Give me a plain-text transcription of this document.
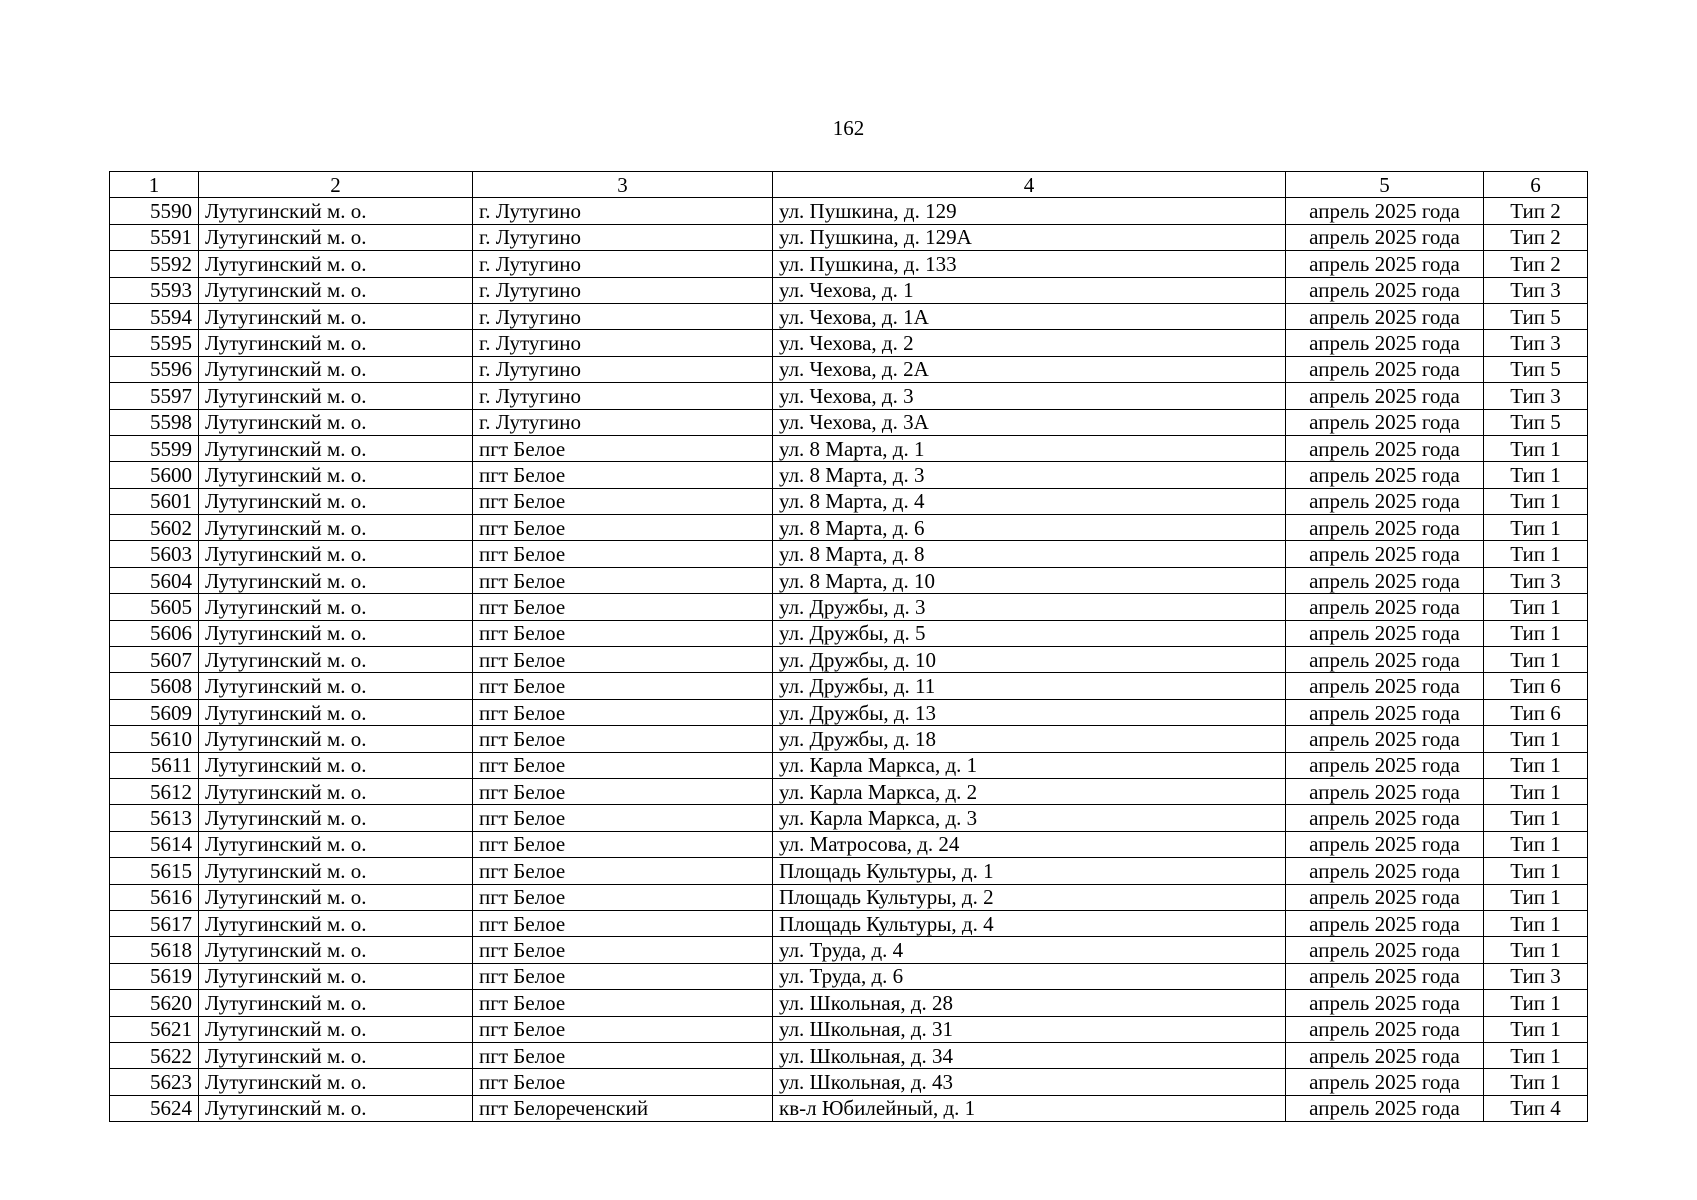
162
1	2	3	4	5	6
5590	Лутугинский м. о.	г. Лутугино	ул. Пушкина, д. 129	апрель 2025 года	Тип 2
5591	Лутугинский м. о.	г. Лутугино	ул. Пушкина, д. 129А	апрель 2025 года	Тип 2
5592	Лутугинский м. о.	г. Лутугино	ул. Пушкина, д. 133	апрель 2025 года	Тип 2
5593	Лутугинский м. о.	г. Лутугино	ул. Чехова, д. 1	апрель 2025 года	Тип 3
5594	Лутугинский м. о.	г. Лутугино	ул. Чехова, д. 1А	апрель 2025 года	Тип 5
5595	Лутугинский м. о.	г. Лутугино	ул. Чехова, д. 2	апрель 2025 года	Тип 3
5596	Лутугинский м. о.	г. Лутугино	ул. Чехова, д. 2А	апрель 2025 года	Тип 5
5597	Лутугинский м. о.	г. Лутугино	ул. Чехова, д. 3	апрель 2025 года	Тип 3
5598	Лутугинский м. о.	г. Лутугино	ул. Чехова, д. 3А	апрель 2025 года	Тип 5
5599	Лутугинский м. о.	пгт Белое	ул. 8 Марта, д. 1	апрель 2025 года	Тип 1
5600	Лутугинский м. о.	пгт Белое	ул. 8 Марта, д. 3	апрель 2025 года	Тип 1
5601	Лутугинский м. о.	пгт Белое	ул. 8 Марта, д. 4	апрель 2025 года	Тип 1
5602	Лутугинский м. о.	пгт Белое	ул. 8 Марта, д. 6	апрель 2025 года	Тип 1
5603	Лутугинский м. о.	пгт Белое	ул. 8 Марта, д. 8	апрель 2025 года	Тип 1
5604	Лутугинский м. о.	пгт Белое	ул. 8 Марта, д. 10	апрель 2025 года	Тип 3
5605	Лутугинский м. о.	пгт Белое	ул. Дружбы, д. 3	апрель 2025 года	Тип 1
5606	Лутугинский м. о.	пгт Белое	ул. Дружбы, д. 5	апрель 2025 года	Тип 1
5607	Лутугинский м. о.	пгт Белое	ул. Дружбы, д. 10	апрель 2025 года	Тип 1
5608	Лутугинский м. о.	пгт Белое	ул. Дружбы, д. 11	апрель 2025 года	Тип 6
5609	Лутугинский м. о.	пгт Белое	ул. Дружбы, д. 13	апрель 2025 года	Тип 6
5610	Лутугинский м. о.	пгт Белое	ул. Дружбы, д. 18	апрель 2025 года	Тип 1
5611	Лутугинский м. о.	пгт Белое	ул. Карла Маркса, д. 1	апрель 2025 года	Тип 1
5612	Лутугинский м. о.	пгт Белое	ул. Карла Маркса, д. 2	апрель 2025 года	Тип 1
5613	Лутугинский м. о.	пгт Белое	ул. Карла Маркса, д. 3	апрель 2025 года	Тип 1
5614	Лутугинский м. о.	пгт Белое	ул. Матросова, д. 24	апрель 2025 года	Тип 1
5615	Лутугинский м. о.	пгт Белое	Площадь Культуры, д. 1	апрель 2025 года	Тип 1
5616	Лутугинский м. о.	пгт Белое	Площадь Культуры, д. 2	апрель 2025 года	Тип 1
5617	Лутугинский м. о.	пгт Белое	Площадь Культуры, д. 4	апрель 2025 года	Тип 1
5618	Лутугинский м. о.	пгт Белое	ул. Труда, д. 4	апрель 2025 года	Тип 1
5619	Лутугинский м. о.	пгт Белое	ул. Труда, д. 6	апрель 2025 года	Тип 3
5620	Лутугинский м. о.	пгт Белое	ул. Школьная, д. 28	апрель 2025 года	Тип 1
5621	Лутугинский м. о.	пгт Белое	ул. Школьная, д. 31	апрель 2025 года	Тип 1
5622	Лутугинский м. о.	пгт Белое	ул. Школьная, д. 34	апрель 2025 года	Тип 1
5623	Лутугинский м. о.	пгт Белое	ул. Школьная, д. 43	апрель 2025 года	Тип 1
5624	Лутугинский м. о.	пгт Белореченский	кв-л Юбилейный, д. 1	апрель 2025 года	Тип 4
